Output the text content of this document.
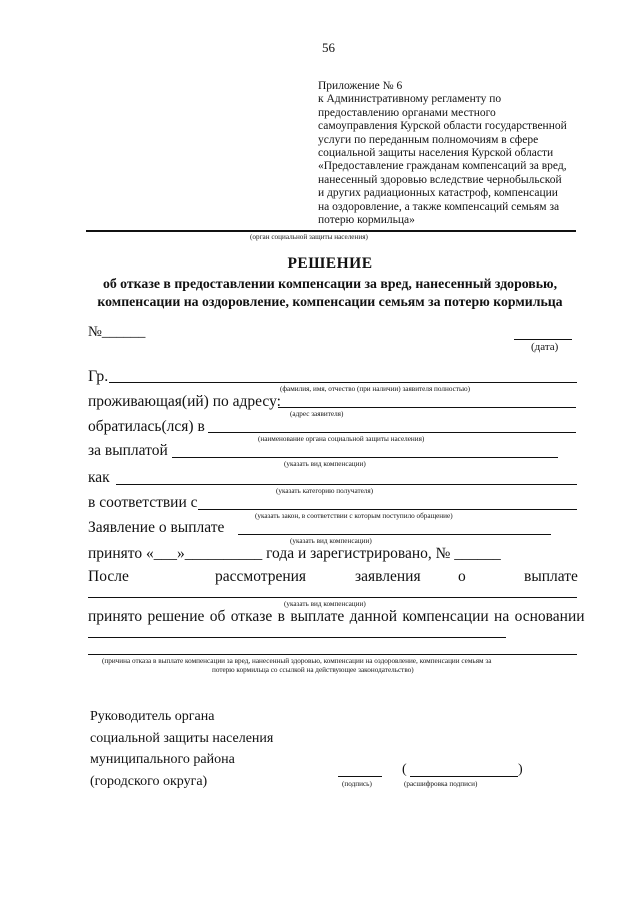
56
Приложение № 6
к Административному регламенту по
предоставлению органами местного
самоуправления Курской области государственной
услуги по переданным полномочиям в сфере
социальной защиты населения Курской области
«Предоставление гражданам компенсаций за вред,
нанесенный здоровью вследствие чернобыльской
и других радиационных катастроф, компенсации
на оздоровление, а также компенсаций семьям за
потерю кормильца»
(орган социальной защиты населения)
РЕШЕНИЕ
об отказе в предоставлении компенсации за вред, нанесенный здоровью, компенсации на оздоровление, компенсации семьям за потерю кормильца
№______
(дата)
Гр.
(фамилия, имя, отчество (при наличии) заявителя полностью)
проживающая(ий) по адресу:
(адрес заявителя)
обратилась(лся) в
(наименование органа социальной защиты населения)
за выплатой
(указать вид компенсации)
как
(указать категорию получателя)
в соответствии с
(указать закон, в соответствии с которым поступило обращение)
Заявление о выплате
(указать вид компенсации)
принято «___»__________ года и зарегистрировано, № ______
После	рассмотрения	заявления о	выплате
(указать вид компенсации)
принято решение об отказе в выплате данной компенсации на основании
(причина отказа в выплате компенсации за вред, нанесенный здоровью, компенсации на оздоровление, компенсации семьям за
потерю кормильца со ссылкой на действующее законодательство)
Руководитель органа
социальной защиты населения
муниципального района
(городского округа)	(подпись)
(	)
(расшифровка подписи)
